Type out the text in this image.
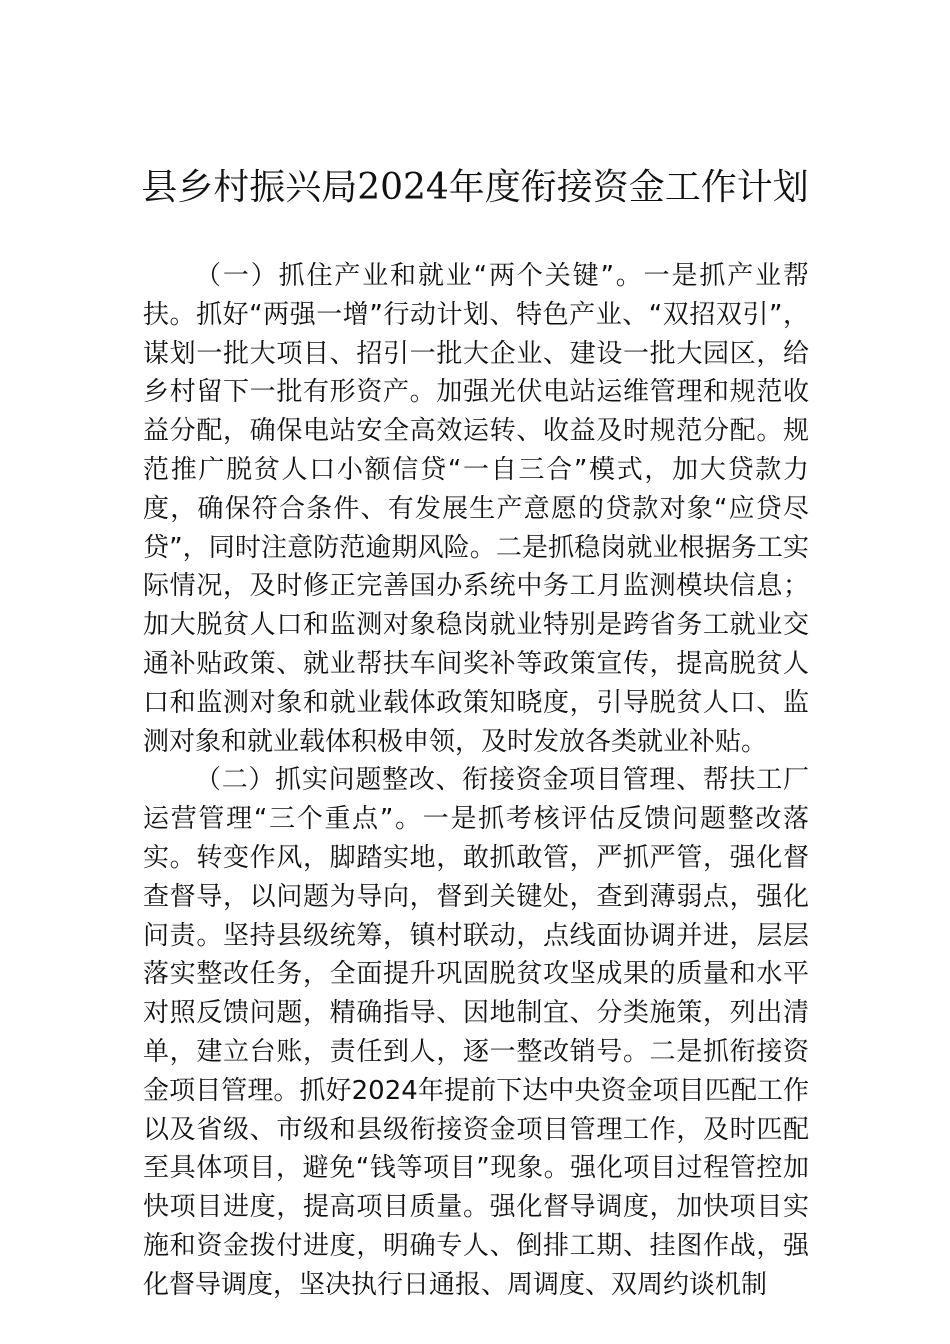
县乡村振兴局2024年度衔接资金工作计划

（一）抓住产业和就业“两个关键”。一是抓产业帮扶。抓好“两强一增”行动计划、特色产业、“双招双引”，谋划一批大项目、招引一批大企业、建设一批大园区，给乡村留下一批有形资产。加强光伏电站运维管理和规范收益分配，确保电站安全高效运转、收益及时规范分配。规范推广脱贫人口小额信贷“一自三合”模式，加大贷款力度，确保符合条件、有发展生产意愿的贷款对象“应贷尽贷”，同时注意防范逾期风险。二是抓稳岗就业根据务工实际情况，及时修正完善国办系统中务工月监测模块信息；加大脱贫人口和监测对象稳岗就业特别是跨省务工就业交通补贴政策、就业帮扶车间奖补等政策宣传，提高脱贫人口和监测对象和就业载体政策知晓度，引导脱贫人口、监测对象和就业载体积极申领，及时发放各类就业补贴。

（二）抓实问题整改、衔接资金项目管理、帮扶工厂运营管理“三个重点”。一是抓考核评估反馈问题整改落实。转变作风，脚踏实地，敢抓敢管，严抓严管，强化督查督导，以问题为导向，督到关键处，查到薄弱点，强化问责。坚持县级统筹，镇村联动，点线面协调并进，层层落实整改任务，全面提升巩固脱贫攻坚成果的质量和水平对照反馈问题，精确指导、因地制宜、分类施策，列出清单，建立台账，责任到人，逐一整改销号。二是抓衔接资金项目管理。抓好2024年提前下达中央资金项目匹配工作以及省级、市级和县级衔接资金项目管理工作，及时匹配至具体项目，避免“钱等项目”现象。强化项目过程管控加快项目进度，提高项目质量。强化督导调度，加快项目实施和资金拨付进度，明确专人、倒排工期、挂图作战，强化督导调度，坚决执行日通报、周调度、双周约谈机制
